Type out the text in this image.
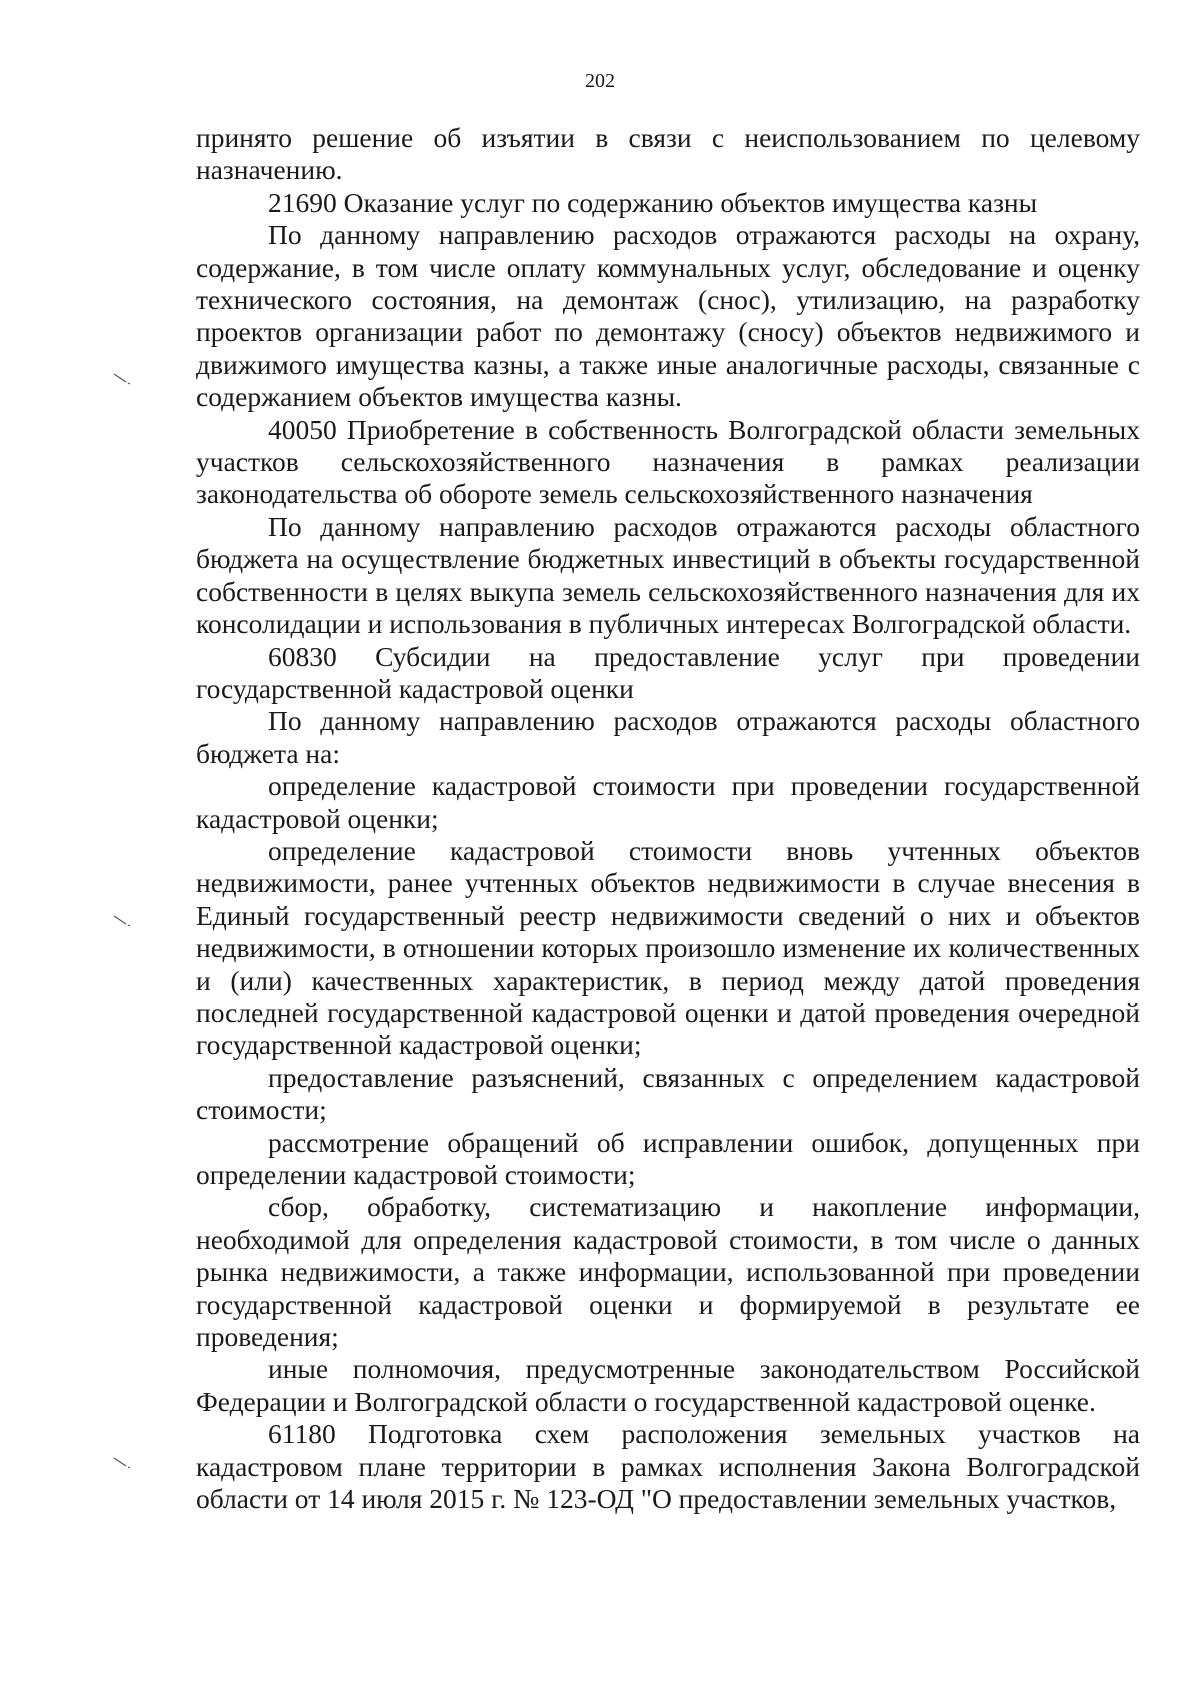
202

принято решение об изъятии в связи с неиспользованием по целевому назначению.

21690 Оказание услуг по содержанию объектов имущества казны

По данному направлению расходов отражаются расходы на охрану, содержание, в том числе оплату коммунальных услуг, обследование и оценку технического состояния, на демонтаж (снос), утилизацию, на разработку проектов организации работ по демонтажу (сносу) объектов недвижимого и движимого имущества казны, а также иные аналогичные расходы, связанные с содержанием объектов имущества казны.

40050 Приобретение в собственность Волгоградской области земельных участков сельскохозяйственного назначения в рамках реализации законодательства об обороте земель сельскохозяйственного назначения

По данному направлению расходов отражаются расходы областного бюджета на осуществление бюджетных инвестиций в объекты государственной собственности в целях выкупа земель сельскохозяйственного назначения для их консолидации и использования в публичных интересах Волгоградской области.

60830 Субсидии на предоставление услуг при проведении государственной кадастровой оценки

По данному направлению расходов отражаются расходы областного бюджета на:

определение кадастровой стоимости при проведении государственной кадастровой оценки;

определение кадастровой стоимости вновь учтенных объектов недвижимости, ранее учтенных объектов недвижимости в случае внесения в Единый государственный реестр недвижимости сведений о них и объектов недвижимости, в отношении которых произошло изменение их количественных и (или) качественных характеристик, в период между датой проведения последней государственной кадастровой оценки и датой проведения очередной государственной кадастровой оценки;

предоставление разъяснений, связанных с определением кадастровой стоимости;

рассмотрение обращений об исправлении ошибок, допущенных при определении кадастровой стоимости;

сбор, обработку, систематизацию и накопление информации, необходимой для определения кадастровой стоимости, в том числе о данных рынка недвижимости, а также информации, использованной при проведении государственной кадастровой оценки и формируемой в результате ее проведения;

иные полномочия, предусмотренные законодательством Российской Федерации и Волгоградской области о государственной кадастровой оценке.

61180 Подготовка схем расположения земельных участков на кадастровом плане территории в рамках исполнения Закона Волгоградской области от 14 июля 2015 г. № 123-ОД "О предоставлении земельных участков,
